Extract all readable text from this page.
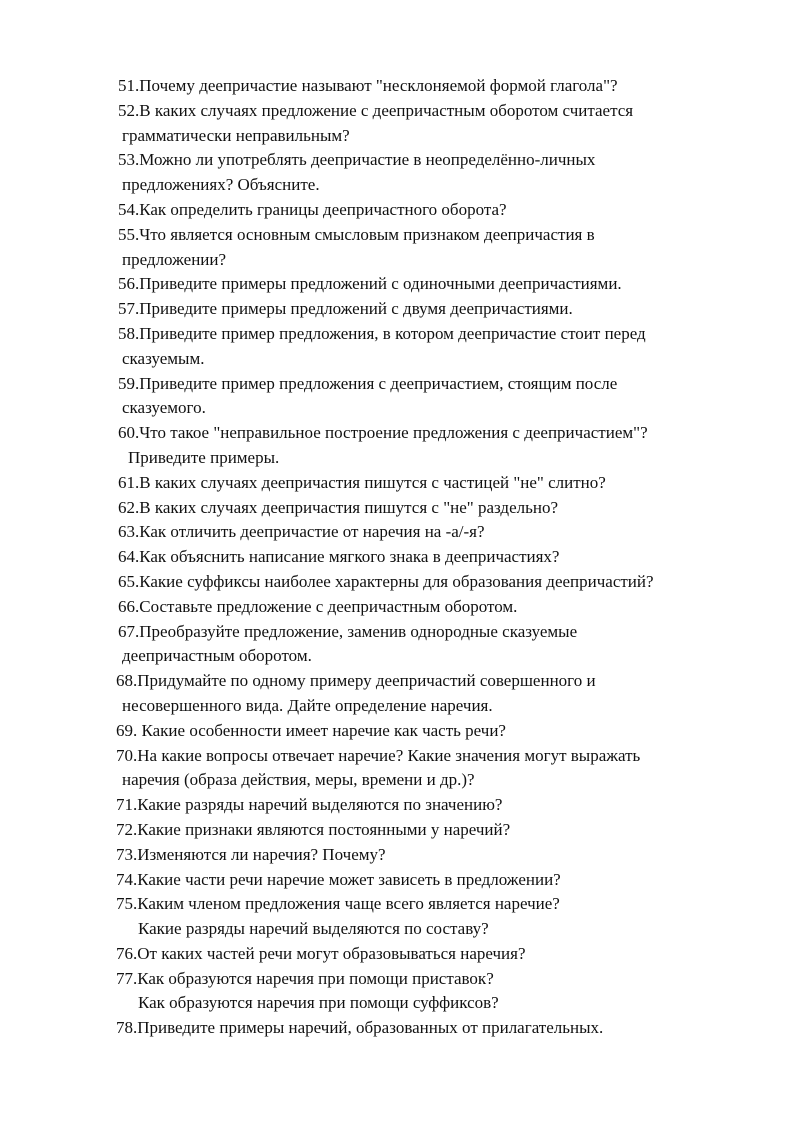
51.Почему деепричастие называют "несклоняемой формой глагола"?
52.В каких случаях предложение с деепричастным оборотом считается
грамматически неправильным?
53.Можно ли употреблять деепричастие в неопределённо-личных
предложениях? Объясните.
54.Как определить границы деепричастного оборота?
55.Что является основным смысловым признаком деепричастия в
предложении?
56.Приведите примеры предложений с одиночными деепричастиями.
57.Приведите примеры предложений с двумя деепричастиями.
58.Приведите пример предложения, в котором деепричастие стоит перед
сказуемым.
59.Приведите пример предложения с деепричастием, стоящим после
сказуемого.
60.Что такое "неправильное построение предложения с деепричастием"?
Приведите примеры.
61.В каких случаях деепричастия пишутся с частицей "не" слитно?
62.В каких случаях деепричастия пишутся с "не" раздельно?
63.Как отличить деепричастие от наречия на -а/-я?
64.Как объяснить написание мягкого знака в деепричастиях?
65.Какие суффиксы наиболее характерны для образования деепричастий?
66.Составьте предложение с деепричастным оборотом.
67.Преобразуйте предложение, заменив однородные сказуемые
деепричастным оборотом.
68.Придумайте по одному примеру деепричастий совершенного и
несовершенного вида. Дайте определение наречия.
69. Какие особенности имеет наречие как часть речи?
70.На какие вопросы отвечает наречие? Какие значения могут выражать
наречия (образа действия, меры, времени и др.)?
71.Какие разряды наречий выделяются по значению?
72.Какие признаки являются постоянными у наречий?
73.Изменяются ли наречия? Почему?
74.Какие части речи наречие может зависеть в предложении?
75.Каким членом предложения чаще всего является наречие?
Какие разряды наречий выделяются по составу?
76.От каких частей речи могут образовываться наречия?
77.Как образуются наречия при помощи приставок?
Как образуются наречия при помощи суффиксов?
78.Приведите примеры наречий, образованных от прилагательных.
